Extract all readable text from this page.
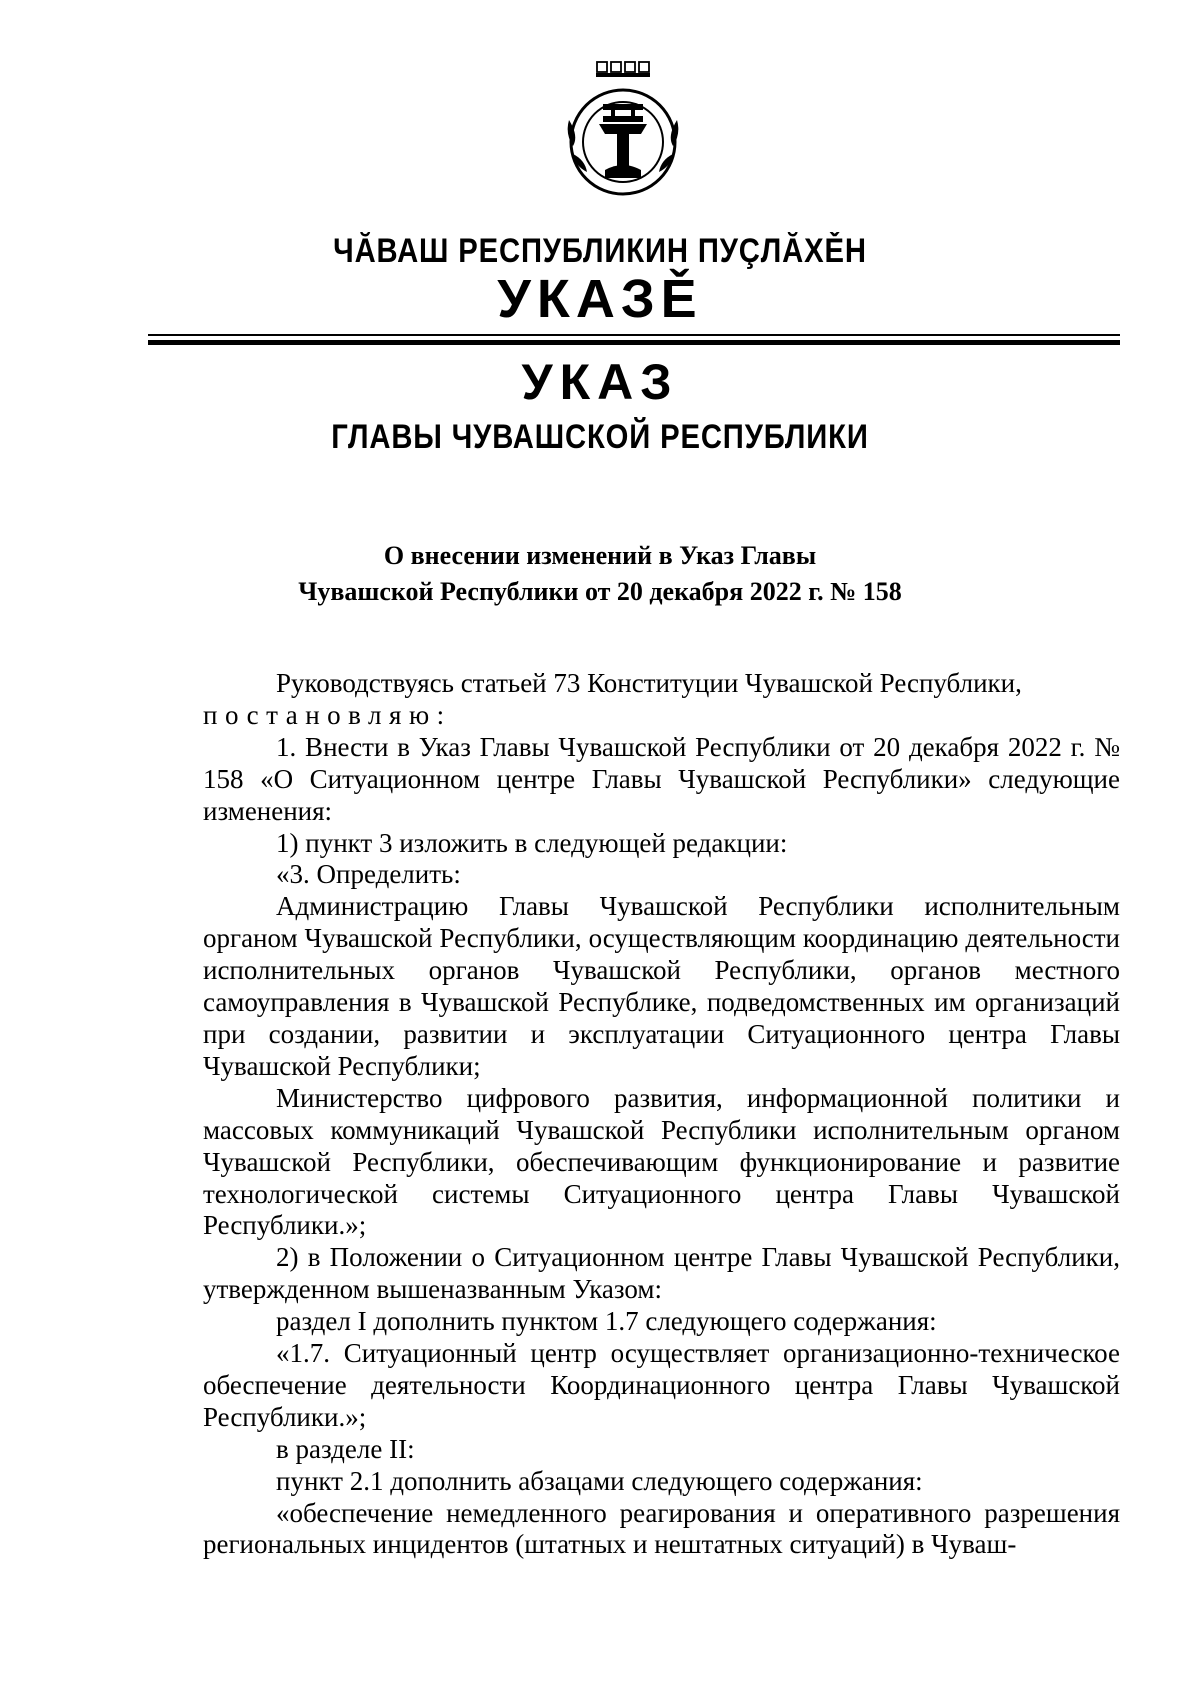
ЧĂВАШ РЕСПУБЛИКИН ПУÇЛĂХĚН
УКАЗĚ
УКАЗ
ГЛАВЫ ЧУВАШСКОЙ РЕСПУБЛИКИ
О внесении изменений в Указ Главы
Чувашской Республики от 20 декабря 2022 г. № 158

Руководствуясь статьей 73 Конституции Чувашской Республики,

постановляю:

1. Внести в Указ Главы Чувашской Республики от 20 декабря 2022 г. № 158 «О Ситуационном центре Главы Чувашской Республики» следующие изменения:

1) пункт 3 изложить в следующей редакции:

«3. Определить:

Администрацию Главы Чувашской Республики исполнительным органом Чувашской Республики, осуществляющим координацию деятельности исполнительных органов Чувашской Республики, органов местного самоуправления в Чувашской Республике, подведомственных им организаций при создании, развитии и эксплуатации Ситуационного центра Главы Чувашской Республики;

Министерство цифрового развития, информационной политики и массовых коммуникаций Чувашской Республики исполнительным органом Чувашской Республики, обеспечивающим функционирование и развитие технологической системы Ситуационного центра Главы Чувашской Республики.»;

2) в Положении о Ситуационном центре Главы Чувашской Республики, утвержденном вышеназванным Указом:

раздел I дополнить пунктом 1.7 следующего содержания:

«1.7. Ситуационный центр осуществляет организационно-техническое обеспечение деятельности Координационного центра Главы Чувашской Республики.»;

в разделе II:

пункт 2.1 дополнить абзацами следующего содержания:

«обеспечение немедленного реагирования и оперативного разрешения региональных инцидентов (штатных и нештатных ситуаций) в Чуваш-
